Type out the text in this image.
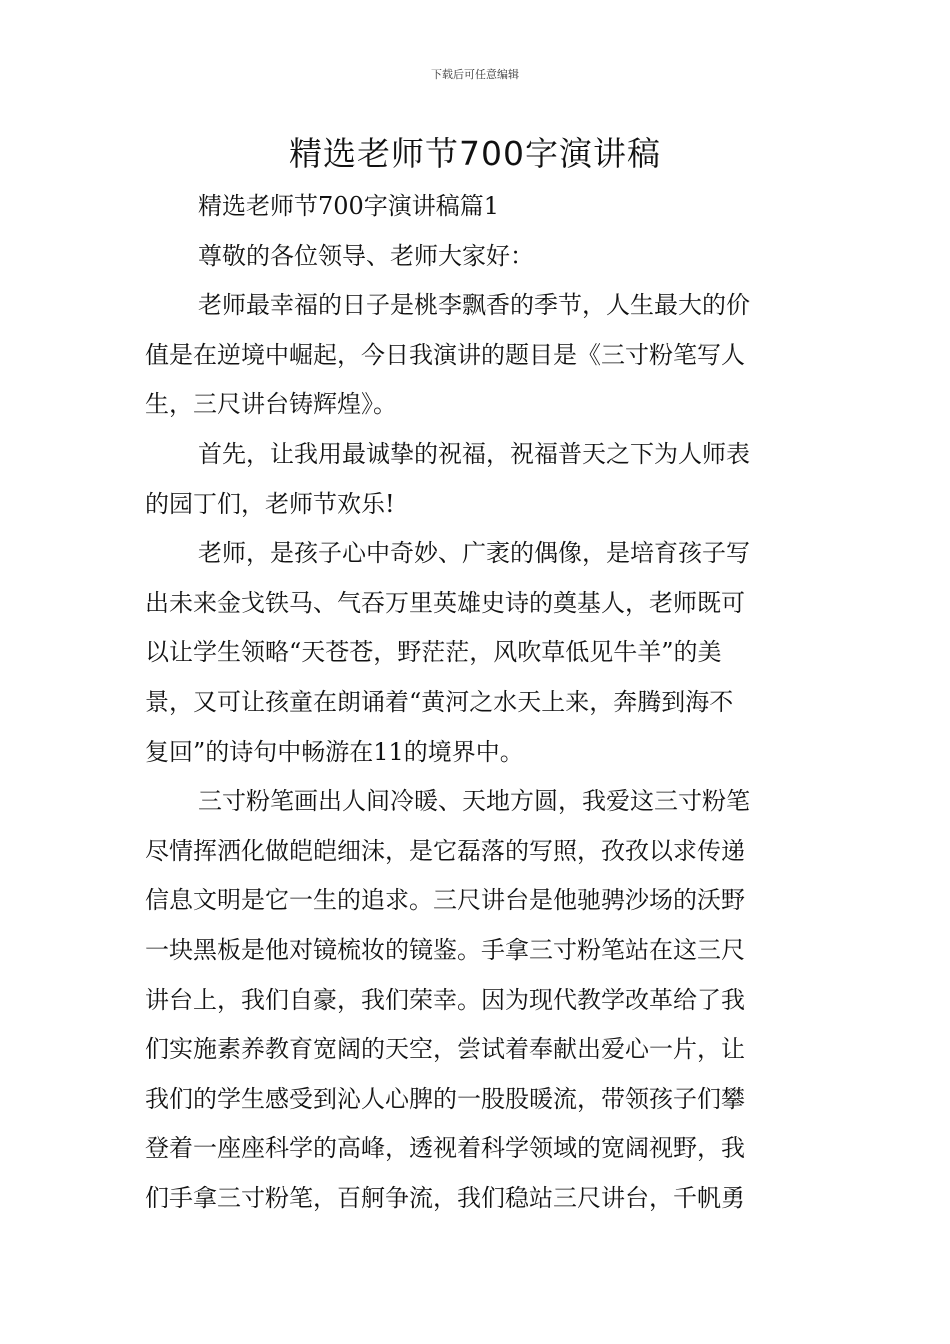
下载后可任意编辑
精选老师节700字演讲稿
精选老师节700字演讲稿篇1
尊敬的各位领导、老师大家好：
老师最幸福的日子是桃李飘香的季节，人生最大的价
值是在逆境中崛起，今日我演讲的题目是《三寸粉笔写人
生，三尺讲台铸辉煌》。
首先，让我用最诚挚的祝福，祝福普天之下为人师表
的园丁们，老师节欢乐!
老师，是孩子心中奇妙、广袤的偶像，是培育孩子写
出未来金戈铁马、气吞万里英雄史诗的奠基人，老师既可
以让学生领略“天苍苍，野茫茫，风吹草低见牛羊”的美
景，又可让孩童在朗诵着“黄河之水天上来，奔腾到海不
复回”的诗句中畅游在11的境界中。
三寸粉笔画出人间冷暖、天地方圆，我爱这三寸粉笔
尽情挥洒化做皑皑细沫，是它磊落的写照，孜孜以求传递
信息文明是它一生的追求。三尺讲台是他驰骋沙场的沃野
一块黑板是他对镜梳妆的镜鉴。手拿三寸粉笔站在这三尺
讲台上，我们自豪，我们荣幸。因为现代教学改革给了我
们实施素养教育宽阔的天空，尝试着奉献出爱心一片，让
我们的学生感受到沁人心脾的一股股暖流，带领孩子们攀
登着一座座科学的高峰，透视着科学领域的宽阔视野，我
们手拿三寸粉笔，百舸争流，我们稳站三尺讲台，千帆勇
